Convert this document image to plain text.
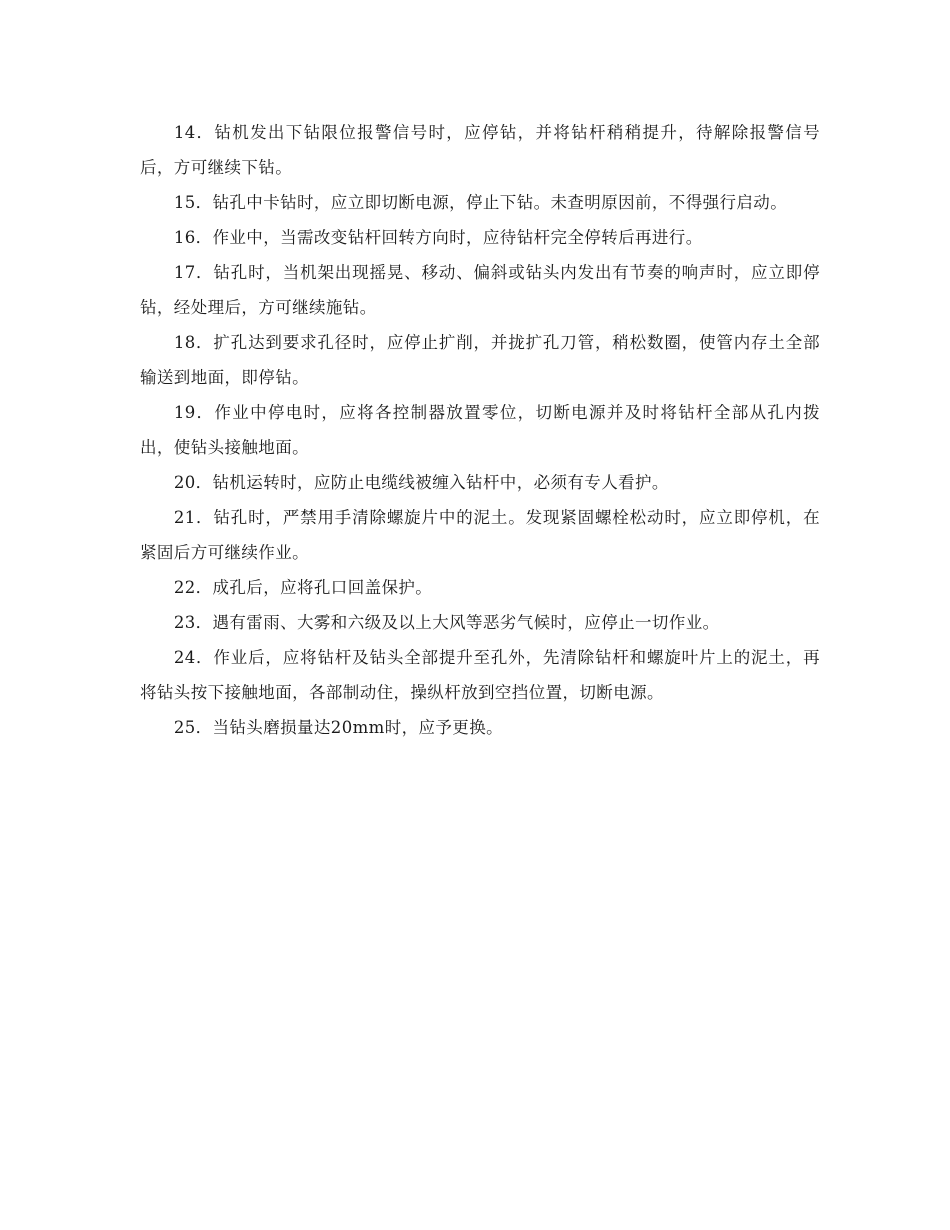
14．钻机发出下钻限位报警信号时，应停钻，并将钻杆稍稍提升，待解除报警信号后，方可继续下钻。

15．钻孔中卡钻时，应立即切断电源，停止下钻。未查明原因前，不得强行启动。

16．作业中，当需改变钻杆回转方向时，应待钻杆完全停转后再进行。

17．钻孔时，当机架出现摇晃、移动、偏斜或钻头内发出有节奏的响声时，应立即停钻，经处理后，方可继续施钻。

18．扩孔达到要求孔径时，应停止扩削，并拢扩孔刀管，稍松数圈，使管内存土全部输送到地面，即停钻。

19．作业中停电时，应将各控制器放置零位，切断电源并及时将钻杆全部从孔内拨出，使钻头接触地面。

20．钻机运转时，应防止电缆线被缠入钻杆中，必须有专人看护。

21．钻孔时，严禁用手清除螺旋片中的泥土。发现紧固螺栓松动时，应立即停机，在紧固后方可继续作业。

22．成孔后，应将孔口回盖保护。

23．遇有雷雨、大雾和六级及以上大风等恶劣气候时，应停止一切作业。

24．作业后，应将钻杆及钻头全部提升至孔外，先清除钻杆和螺旋叶片上的泥土，再将钻头按下接触地面，各部制动住，操纵杆放到空挡位置，切断电源。

25．当钻头磨损量达20mm时，应予更换。
